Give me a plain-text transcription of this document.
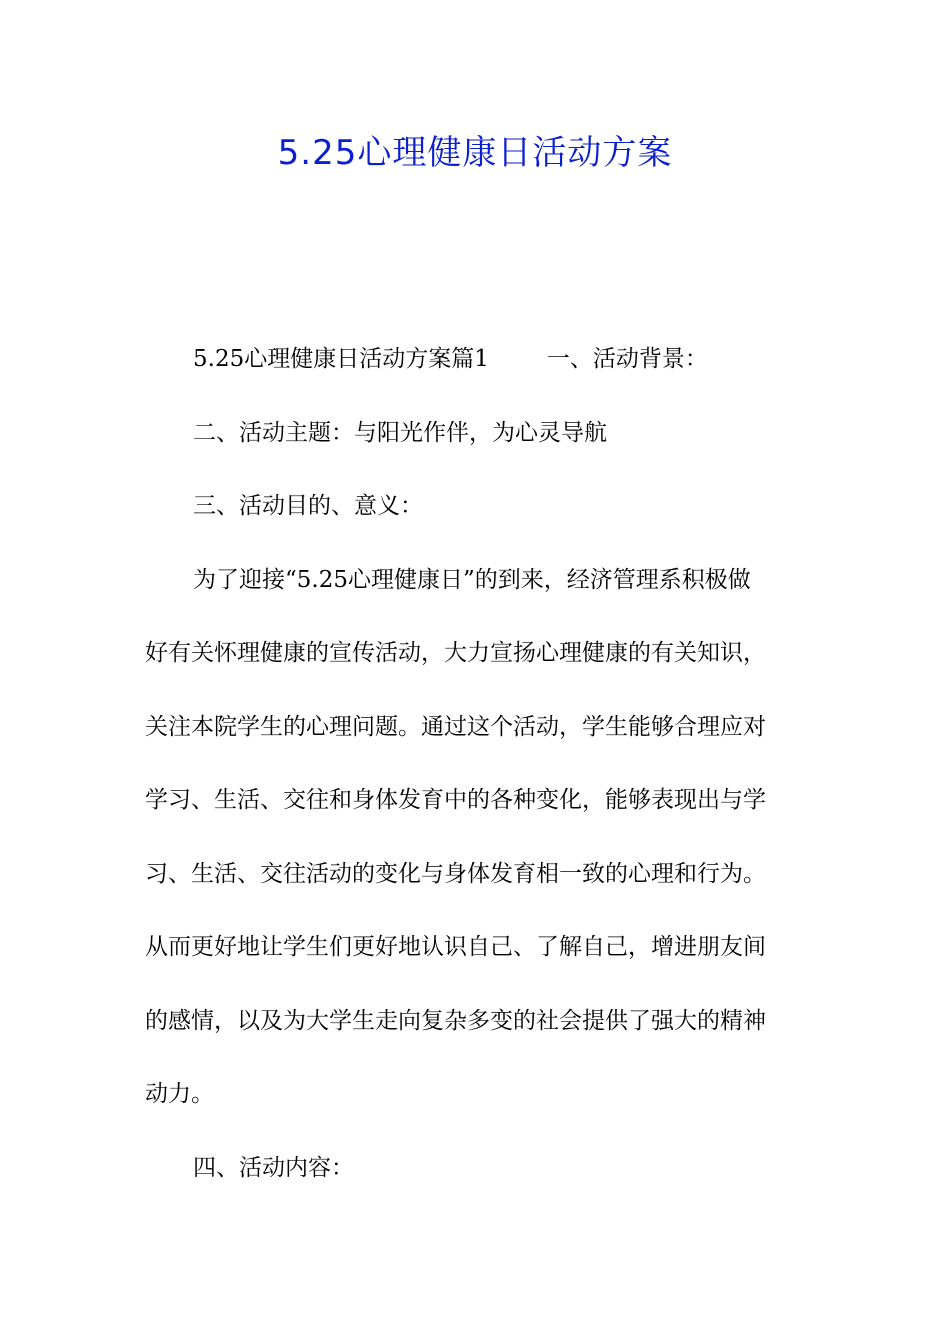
5.25心理健康日活动方案
5.25心理健康日活动方案篇1	一、活动背景：
二、活动主题：与阳光作伴，为心灵导航
三、活动目的、意义：
为了迎接“5.25心理健康日”的到来，经济管理系积极做
好有关怀理健康的宣传活动，大力宣扬心理健康的有关知识，
关注本院学生的心理问题。通过这个活动，学生能够合理应对
学习、生活、交往和身体发育中的各种变化，能够表现出与学
习、生活、交往活动的变化与身体发育相一致的心理和行为。
从而更好地让学生们更好地认识自己、了解自己，增进朋友间
的感情，以及为大学生走向复杂多变的社会提供了强大的精神
动力。
四、活动内容：
